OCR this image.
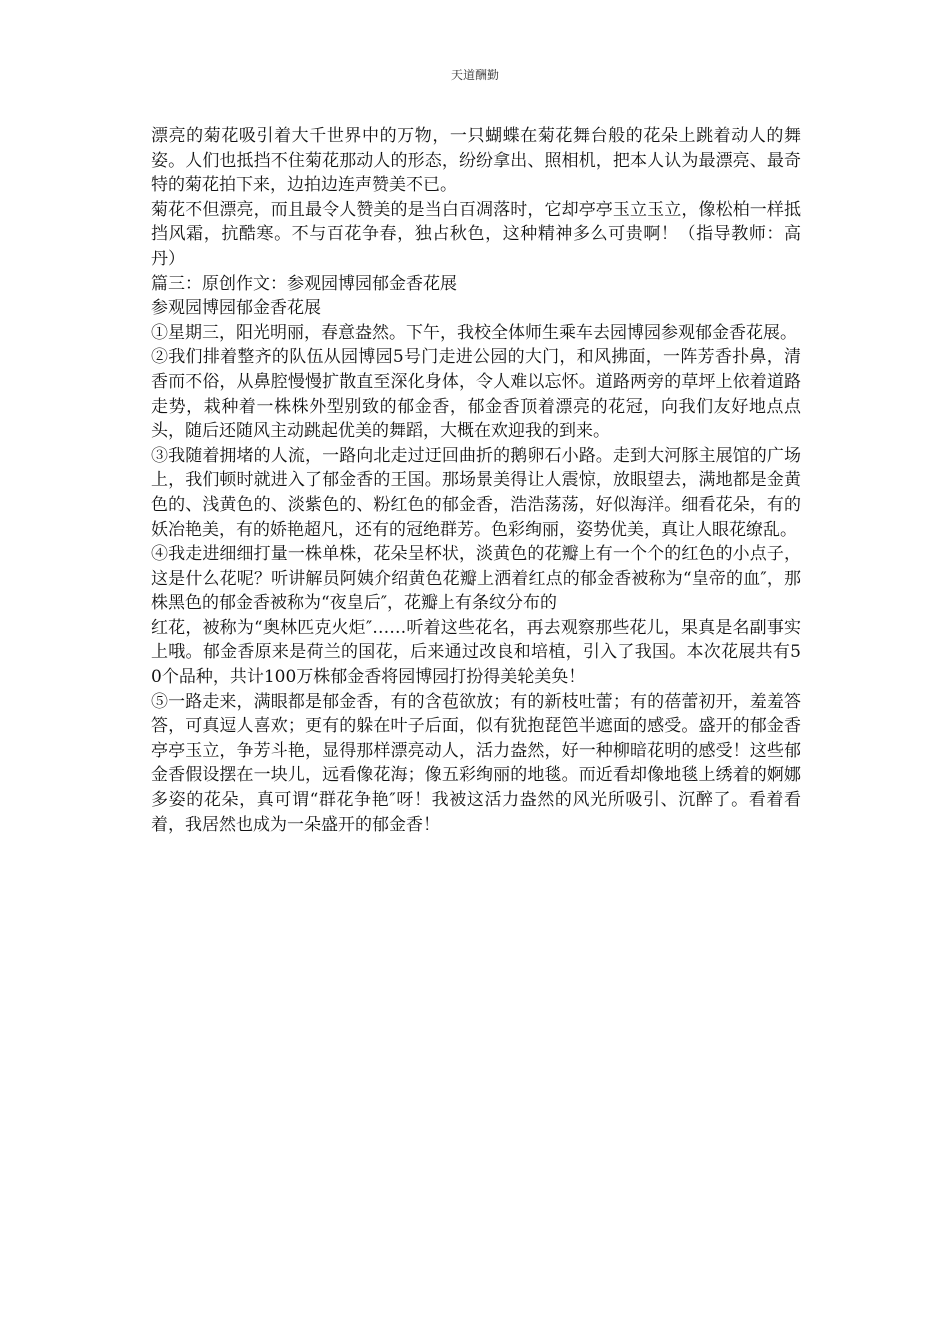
天道酬勤

漂亮的菊花吸引着大千世界中的万物，一只蝴蝶在菊花舞台般的花朵上跳着动人的舞姿。人们也抵挡不住菊花那动人的形态，纷纷拿出、照相机，把本人认为最漂亮、最奇特的菊花拍下来，边拍边连声赞美不已。

菊花不但漂亮，而且最令人赞美的是当白百凋落时，它却亭亭玉立玉立，像松柏一样抵挡风霜，抗酷寒。不与百花争春，独占秋色，这种精神多么可贵啊！（指导教师：高丹）

篇三：原创作文：参观园博园郁金香花展

参观园博园郁金香花展

①星期三，阳光明丽，春意盎然。下午，我校全体师生乘车去园博园参观郁金香花展。

②我们排着整齐的队伍从园博园5号门走进公园的大门，和风拂面，一阵芳香扑鼻，清香而不俗，从鼻腔慢慢扩散直至深化身体，令人难以忘怀。道路两旁的草坪上依着道路走势，栽种着一株株外型别致的郁金香，郁金香顶着漂亮的花冠，向我们友好地点点头，随后还随风主动跳起优美的舞蹈，大概在欢迎我的到来。

③我随着拥堵的人流，一路向北走过迂回曲折的鹅卵石小路。走到大河豚主展馆的广场上，我们顿时就进入了郁金香的王国。那场景美得让人震惊，放眼望去，满地都是金黄色的、浅黄色的、淡紫色的、粉红色的郁金香，浩浩荡荡，好似海洋。细看花朵，有的妖冶艳美，有的娇艳超凡，还有的冠绝群芳。色彩绚丽，姿势优美，真让人眼花缭乱。

④我走进细细打量一株单株，花朵呈杯状，淡黄色的花瓣上有一个个的红色的小点子，这是什么花呢？听讲解员阿姨介绍黄色花瓣上洒着红点的郁金香被称为“皇帝的血″，那株黑色的郁金香被称为“夜皇后″，花瓣上有条纹分布的

红花，被称为“奥林匹克火炬″……听着这些花名，再去观察那些花儿，果真是名副事实上哦。郁金香原来是荷兰的国花，后来通过改良和培植，引入了我国。本次花展共有50个品种，共计100万株郁金香将园博园打扮得美轮美奂！

⑤一路走来，满眼都是郁金香，有的含苞欲放；有的新枝吐蕾；有的蓓蕾初开，羞羞答答，可真逗人喜欢；更有的躲在叶子后面，似有犹抱琵笆半遮面的感受。盛开的郁金香亭亭玉立，争芳斗艳，显得那样漂亮动人，活力盎然，好一种柳暗花明的感受！这些郁金香假设摆在一块儿，远看像花海；像五彩绚丽的地毯。而近看却像地毯上绣着的婀娜多姿的花朵，真可谓“群花争艳″呀！我被这活力盎然的风光所吸引、沉醉了。看着看着，我居然也成为一朵盛开的郁金香！
